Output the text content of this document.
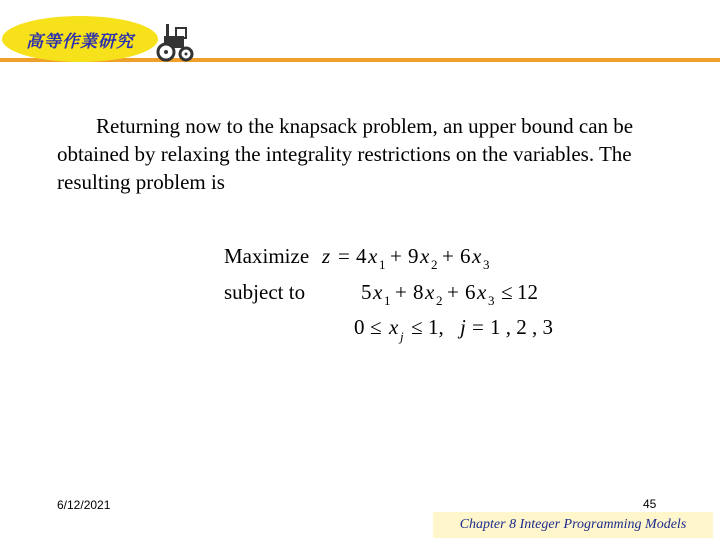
高等作業研究
Returning now to the knapsack problem, an upper bound can be obtained by relaxing the integrality restrictions on the variables. The resulting problem is
Maximize z = 4 x 1 + 9 x 2 + 6 x 3
subject to	5 x 1 + 8 x 2 + 6 x 3 ≤ 12
0 ≤ x j ≤ 1, j = 1 , 2 , 3
6/12/2021	45
Chapter 8 Integer Programming Models
